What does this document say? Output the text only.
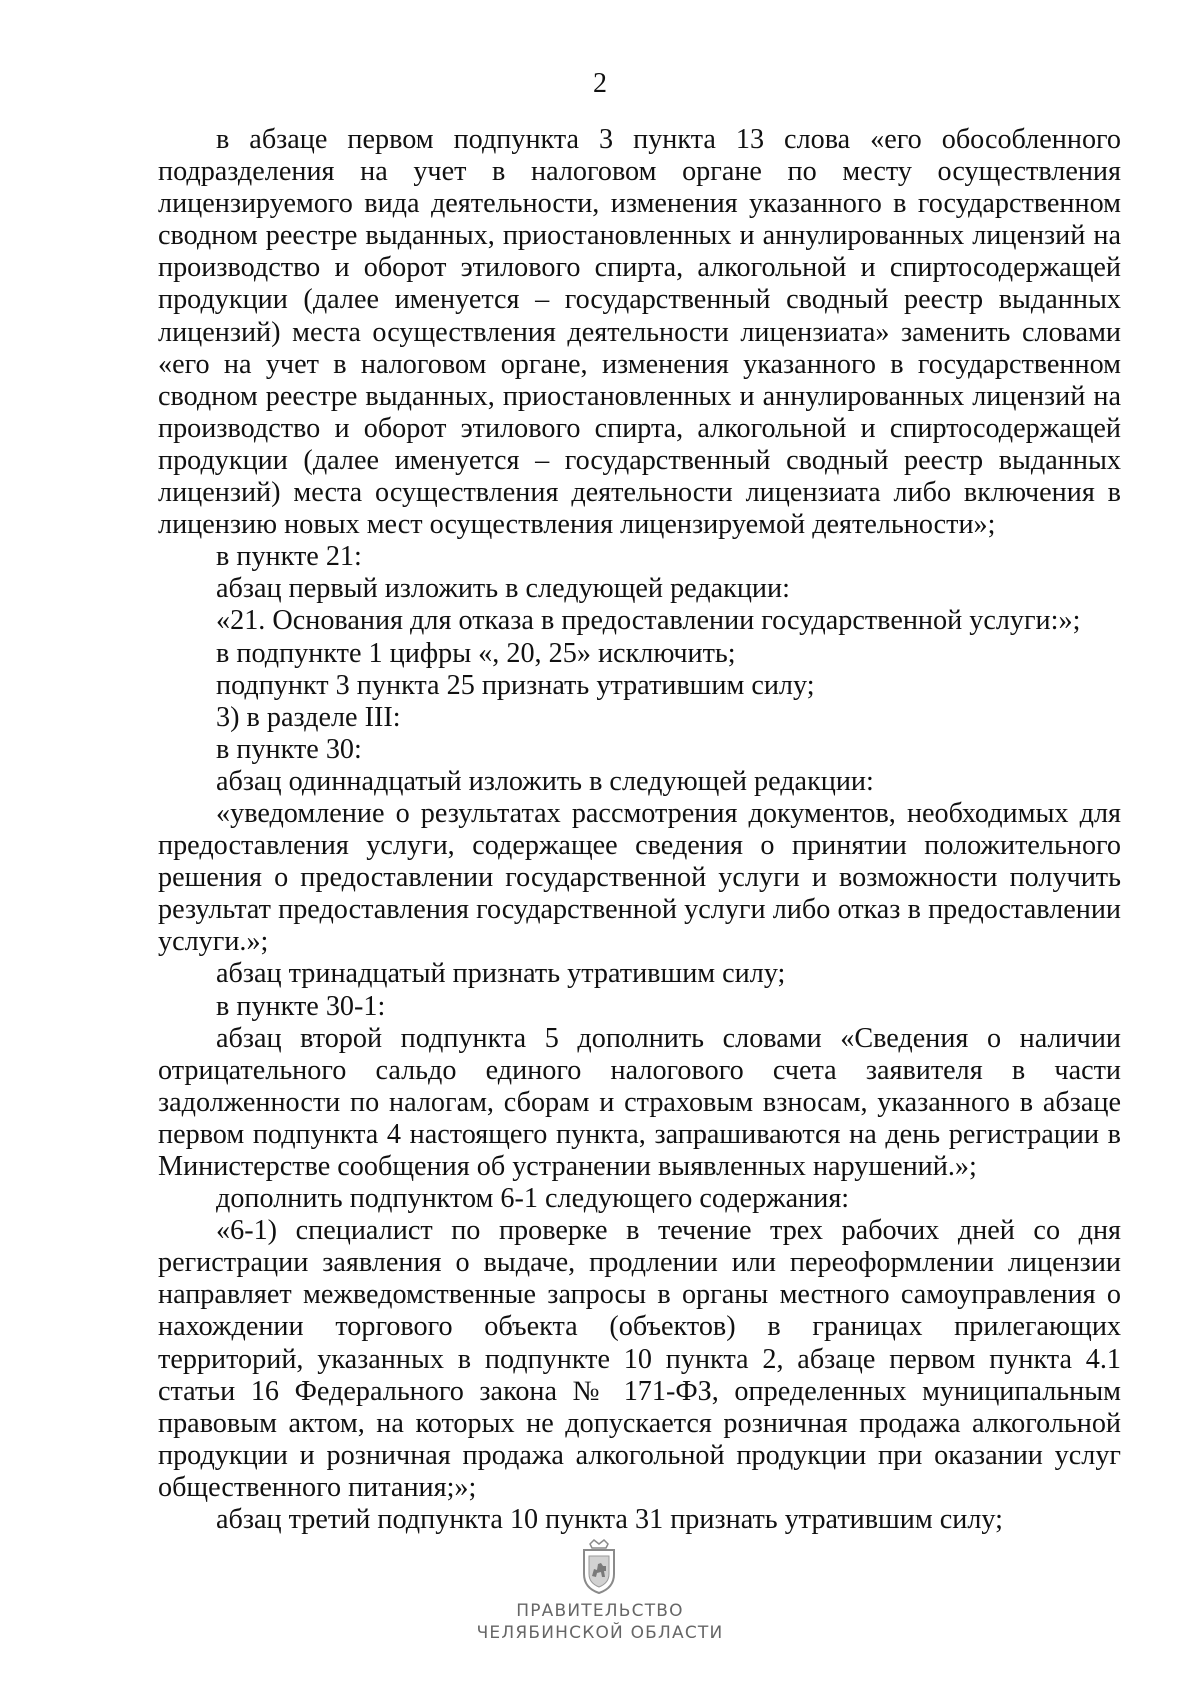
2

в абзаце первом подпункта 3 пункта 13 слова «его обособленного подразделения на учет в налоговом органе по месту осуществления лицензируемого вида деятельности, изменения указанного в государственном сводном реестре выданных, приостановленных и аннулированных лицензий на производство и оборот этилового спирта, алкогольной и спиртосодержащей продукции (далее именуется – государственный сводный реестр выданных лицензий) места осуществления деятельности лицензиата» заменить словами «его на учет в налоговом органе, изменения указанного в государственном сводном реестре выданных, приостановленных и аннулированных лицензий на производство и оборот этилового спирта, алкогольной и спиртосодержащей продукции (далее именуется – государственный сводный реестр выданных лицензий) места осуществления деятельности лицензиата либо включения в лицензию новых мест осуществления лицензируемой деятельности»;

в пункте 21:

абзац первый изложить в следующей редакции:

«21. Основания для отказа в предоставлении государственной услуги:»;

в подпункте 1 цифры «, 20, 25» исключить;

подпункт 3 пункта 25 признать утратившим силу;

3) в разделе III:

в пункте 30:

абзац одиннадцатый изложить в следующей редакции:

«уведомление о результатах рассмотрения документов, необходимых для предоставления услуги, содержащее сведения о принятии положительного решения о предоставлении государственной услуги и возможности получить результат предоставления государственной услуги либо отказ в предоставлении услуги.»;

абзац тринадцатый признать утратившим силу;

в пункте 30-1:

абзац второй подпункта 5 дополнить словами «Сведения о наличии отрицательного сальдо единого налогового счета заявителя в части задолженности по налогам, сборам и страховым взносам, указанного в абзаце первом подпункта 4 настоящего пункта, запрашиваются на день регистрации в Министерстве сообщения об устранении выявленных нарушений.»;

дополнить подпунктом 6-1 следующего содержания:

«6-1) специалист по проверке в течение трех рабочих дней со дня регистрации заявления о выдаче, продлении или переоформлении лицензии направляет межведомственные запросы в органы местного самоуправления о нахождении торгового объекта (объектов) в границах прилегающих территорий, указанных в подпункте 10 пункта 2, абзаце первом пункта 4.1 статьи 16 Федерального закона № 171-ФЗ, определенных муниципальным правовым актом, на которых не допускается розничная продажа алкогольной продукции и розничная продажа алкогольной продукции при оказании услуг общественного питания;»;

абзац третий подпункта 10 пункта 31 признать утратившим силу;

ПРАВИТЕЛЬСТВО
ЧЕЛЯБИНСКОЙ ОБЛАСТИ
